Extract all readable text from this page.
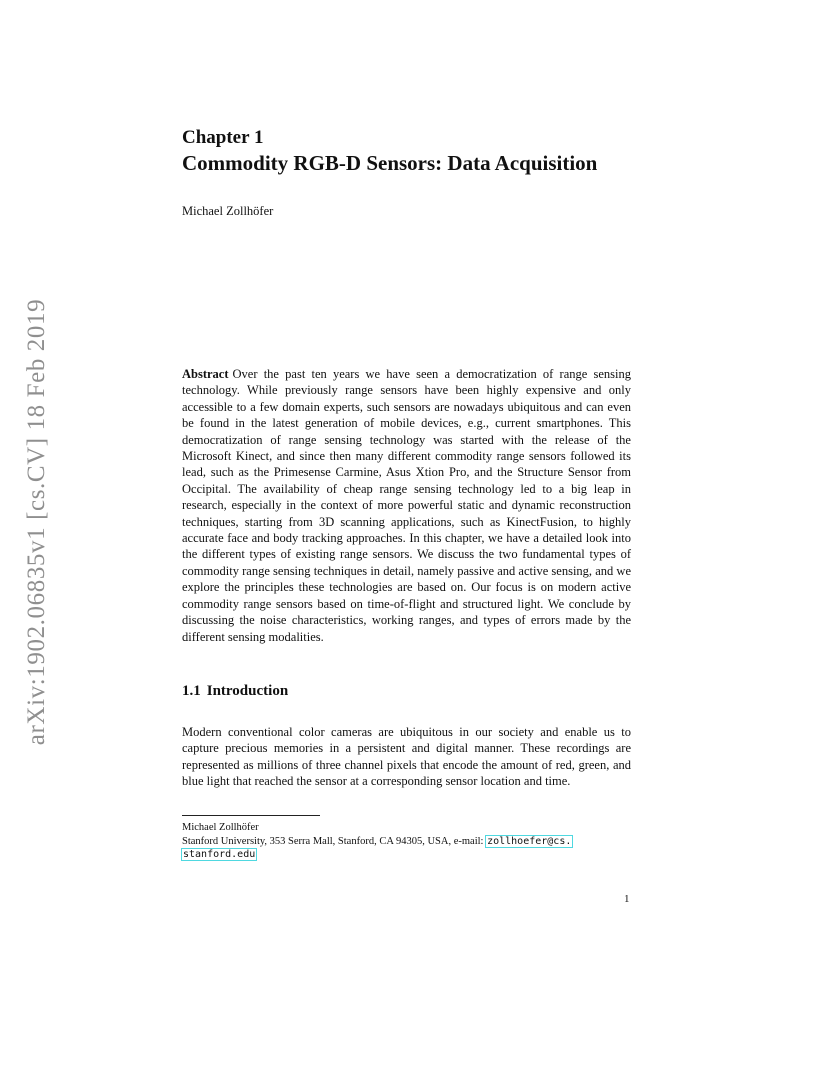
arXiv:1902.06835v1 [cs.CV] 18 Feb 2019
Chapter 1
Commodity RGB-D Sensors: Data Acquisition
Michael Zollhöfer

Abstract Over the past ten years we have seen a democratization of range sensing technology. While previously range sensors have been highly expensive and only accessible to a few domain experts, such sensors are nowadays ubiquitous and can even be found in the latest generation of mobile devices, e.g., current smartphones. This democratization of range sensing technology was started with the release of the Microsoft Kinect, and since then many different commodity range sensors followed its lead, such as the Primesense Carmine, Asus Xtion Pro, and the Structure Sensor from Occipital. The availability of cheap range sensing technology led to a big leap in research, especially in the context of more powerful static and dynamic reconstruction techniques, starting from 3D scanning applications, such as KinectFusion, to highly accurate face and body tracking approaches. In this chapter, we have a detailed look into the different types of existing range sensors. We discuss the two fundamental types of commodity range sensing techniques in detail, namely passive and active sensing, and we explore the principles these technologies are based on. Our focus is on modern active commodity range sensors based on time-of-flight and structured light. We conclude by discussing the noise characteristics, working ranges, and types of errors made by the different sensing modalities.

1.1 Introduction

Modern conventional color cameras are ubiquitous in our society and enable us to capture precious memories in a persistent and digital manner. These recordings are represented as millions of three channel pixels that encode the amount of red, green, and blue light that reached the sensor at a corresponding sensor location and time.

Michael Zollhöfer
Stanford University, 353 Serra Mall, Stanford, CA 94305, USA, e-mail: zollhoefer@cs.
stanford.edu
1
